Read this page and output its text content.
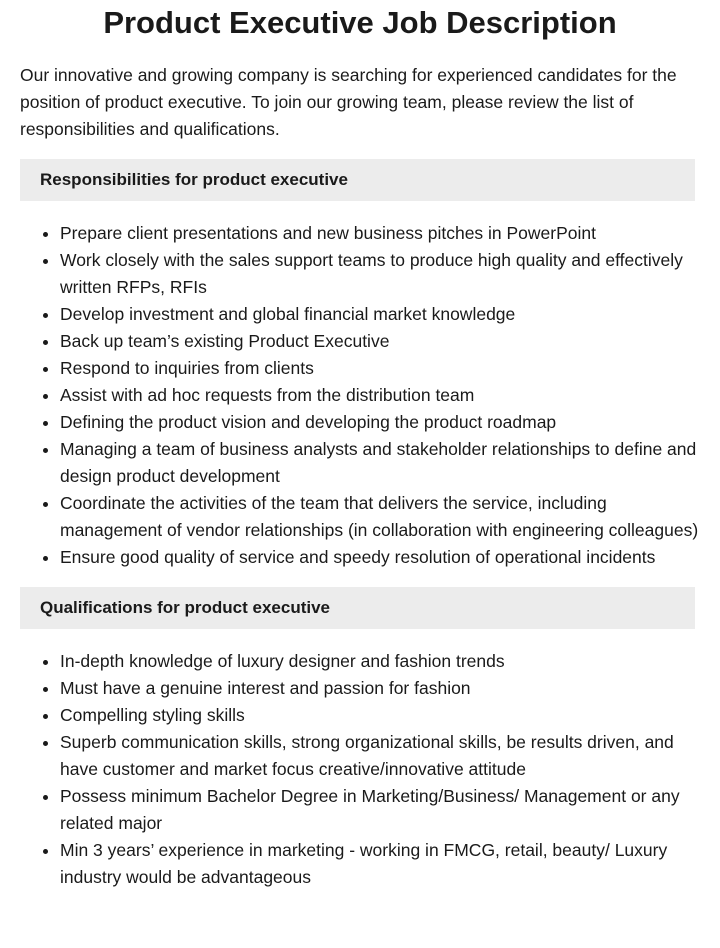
Product Executive Job Description

Our innovative and growing company is searching for experienced candidates for the position of product executive. To join our growing team, please review the list of responsibilities and qualifications.

Responsibilities for product executive
• Prepare client presentations and new business pitches in PowerPoint
• Work closely with the sales support teams to produce high quality and effectively written RFPs, RFIs
• Develop investment and global financial market knowledge
• Back up team’s existing Product Executive
• Respond to inquiries from clients
• Assist with ad hoc requests from the distribution team
• Defining the product vision and developing the product roadmap
• Managing a team of business analysts and stakeholder relationships to define and design product development
• Coordinate the activities of the team that delivers the service, including management of vendor relationships (in collaboration with engineering colleagues)
• Ensure good quality of service and speedy resolution of operational incidents
Qualifications for product executive
• In-depth knowledge of luxury designer and fashion trends
• Must have a genuine interest and passion for fashion
• Compelling styling skills
• Superb communication skills, strong organizational skills, be results driven, and have customer and market focus creative/innovative attitude
• Possess minimum Bachelor Degree in Marketing/Business/ Management or any related major
• Min 3 years’ experience in marketing - working in FMCG, retail, beauty/ Luxury industry would be advantageous
